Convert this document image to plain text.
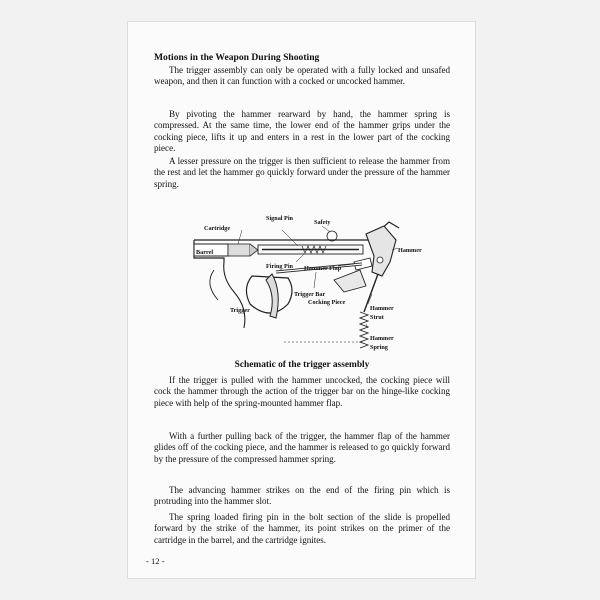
Motions in the Weapon During Shooting

The trigger assembly can only be operated with a fully locked and unsafed weapon, and then it can function with a cocked or uncocked hammer.

By pivoting the hammer rearward by hand, the hammer spring is compressed. At the same time, the lower end of the hammer grips under the cocking piece, lifts it up and enters in a rest in the lower part of the cocking piece.

A lesser pressure on the trigger is then sufficient to release the hammer from the rest and let the hammer go quickly forward under the pressure of the hammer spring.

Signal Pin
Safety
Cartridge
Barrel	Hammer
Firing Pin Hammer Flap
Trigger Bar
Cocking Piece
Trigger	Hammer
Strut
Hammer
Spring
Schematic of the trigger assembly

If the trigger is pulled with the hammer uncocked, the cocking piece will cock the hammer through the action of the trigger bar on the hinge-like cocking piece with help of the spring-mounted hammer flap.

With a further pulling back of the trigger, the hammer flap of the hammer glides off of the cocking piece, and the hammer is released to go quickly forward by the pressure of the compressed hammer spring.

The advancing hammer strikes on the end of the firing pin which is protruding into the hammer slot.

The spring loaded firing pin in the bolt section of the slide is propelled forward by the strike of the hammer, its point strikes on the primer of the cartridge in the barrel, and the cartridge ignites.

- 12 -
